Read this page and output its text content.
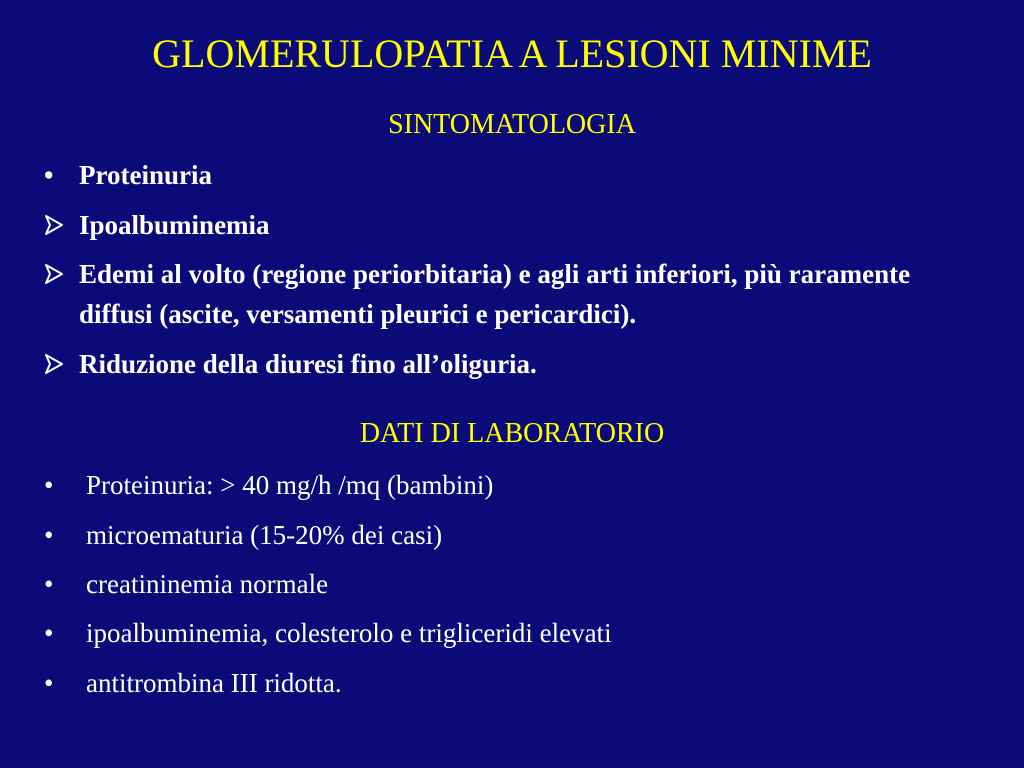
GLOMERULOPATIA A LESIONI MINIME
SINTOMATOLOGIA
• Proteinuria
Ipoalbuminemia
Edemi al volto (regione periorbitaria) e agli arti inferiori, più raramente diffusi (ascite, versamenti pleurici e pericardici).
Riduzione della diuresi fino all’oliguria.
DATI DI LABORATORIO
•	Proteinuria: > 40 mg/h /mq (bambini)
•	microematuria (15-20% dei casi)
•	creatininemia normale
•	ipoalbuminemia, colesterolo e trigliceridi elevati
•	antitrombina III ridotta.
